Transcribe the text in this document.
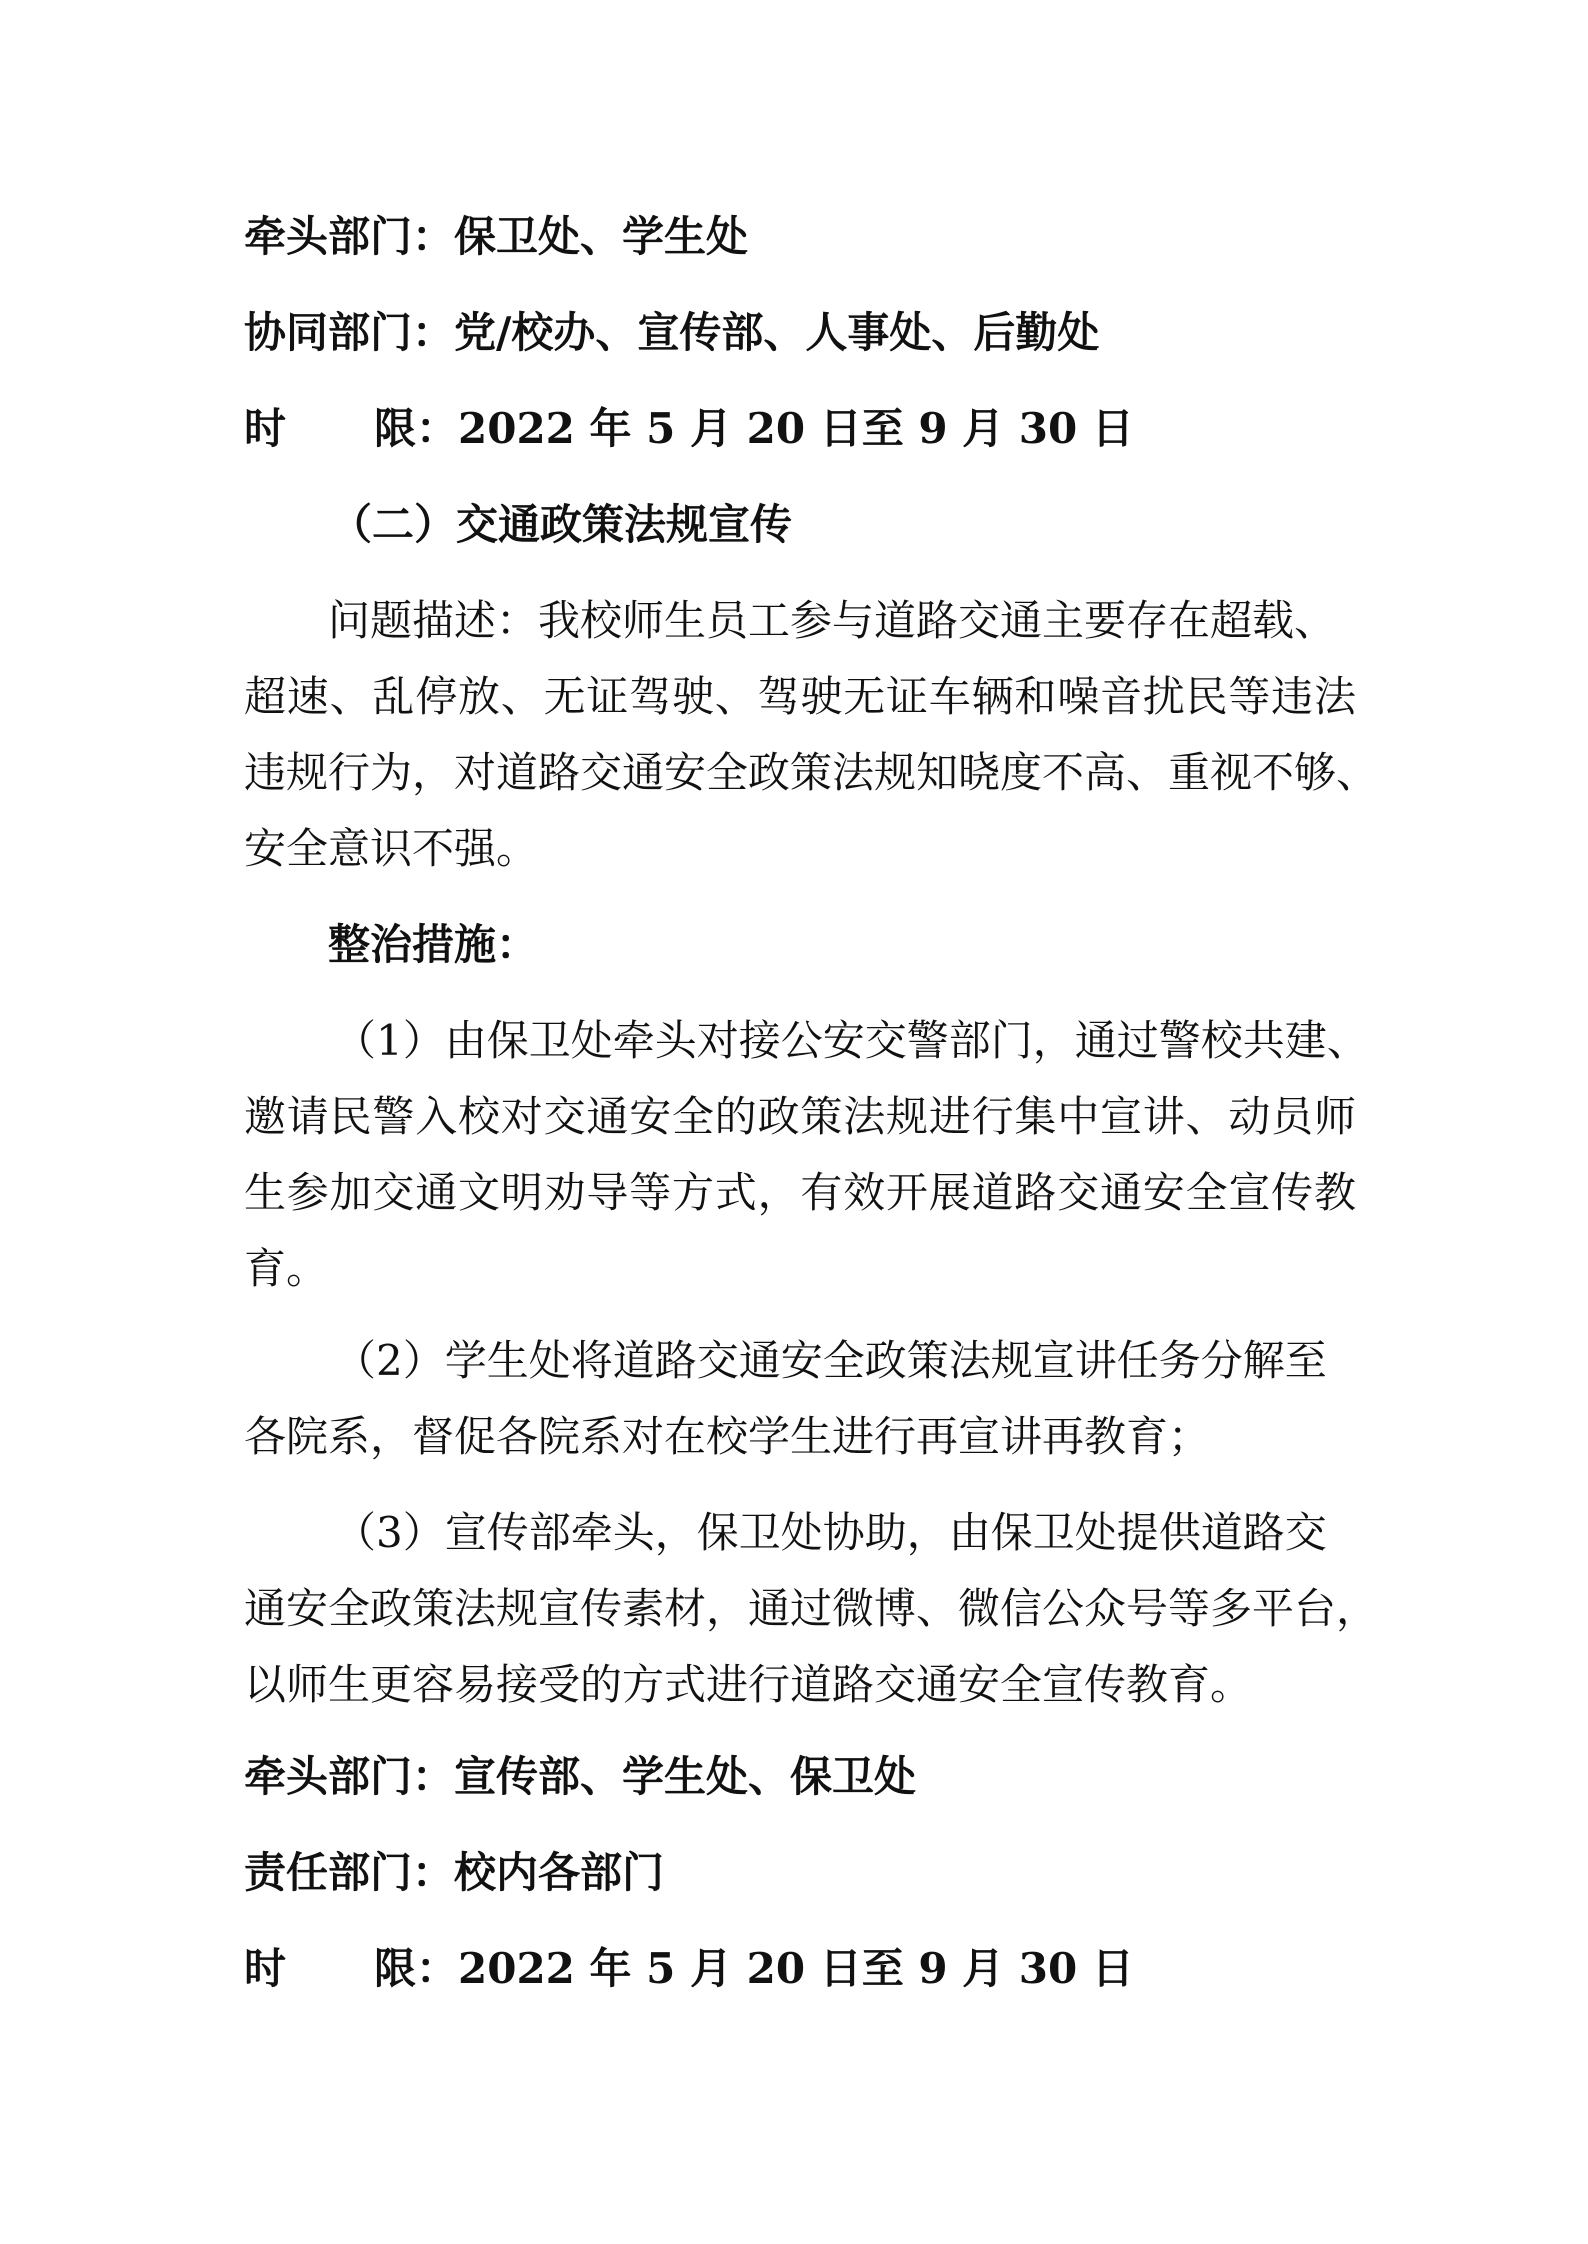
牵头部门：保卫处、学生处
协同部门：党/校办、宣传部、人事处、后勤处
时 限：2022 年 5 月 20 日至 9 月 30 日
（二）交通政策法规宣传
问题描述：我校师生员工参与道路交通主要存在超载、
超速、乱停放、无证驾驶、驾驶无证车辆和噪音扰民等违法
违规行为，对道路交通安全政策法规知晓度不高、重视不够、
安全意识不强。
整治措施：
（1）由保卫处牵头对接公安交警部门，通过警校共建、
邀请民警入校对交通安全的政策法规进行集中宣讲、动员师
生参加交通文明劝导等方式，有效开展道路交通安全宣传教
育。
（2）学生处将道路交通安全政策法规宣讲任务分解至
各院系，督促各院系对在校学生进行再宣讲再教育；
（3）宣传部牵头，保卫处协助，由保卫处提供道路交
通安全政策法规宣传素材，通过微博、微信公众号等多平台，
以师生更容易接受的方式进行道路交通安全宣传教育。
牵头部门：宣传部、学生处、保卫处
责任部门：校内各部门
时 限：2022 年 5 月 20 日至 9 月 30 日
